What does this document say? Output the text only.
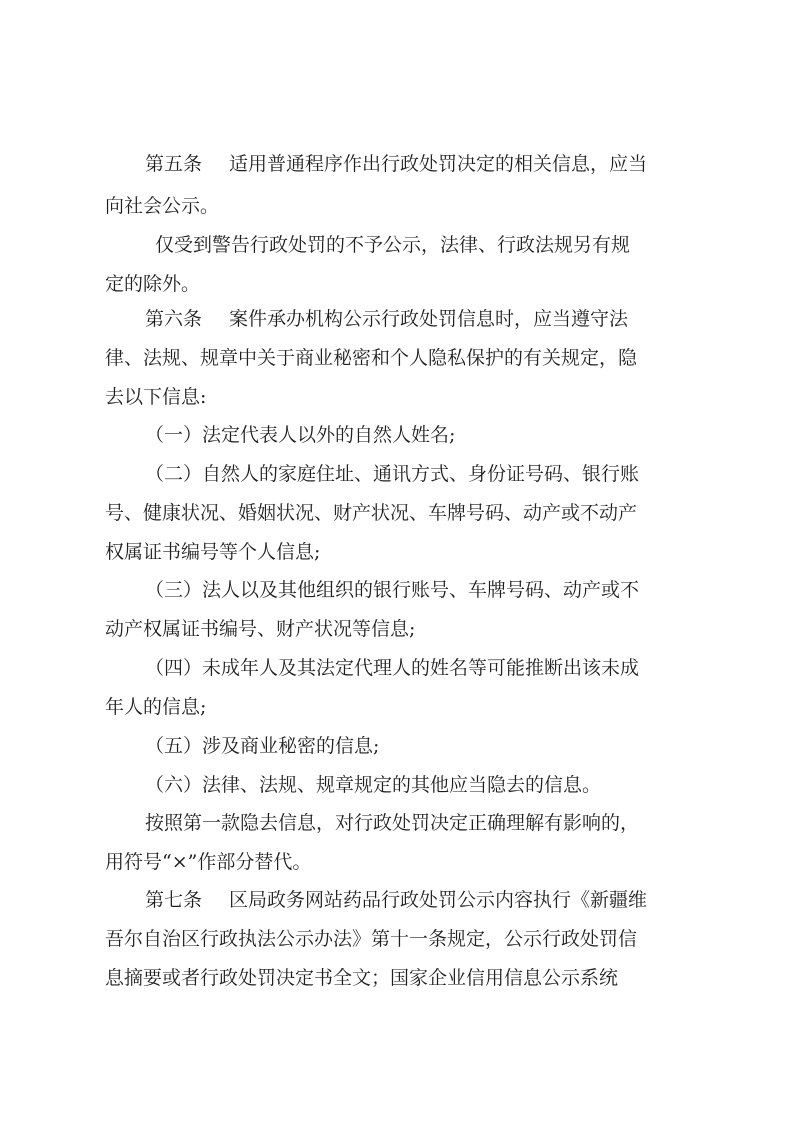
第五条 适用普通程序作出行政处罚决定的相关信息，应当

向社会公示。

仅受到警告行政处罚的不予公示，法律、行政法规另有规

定的除外。

第六条 案件承办机构公示行政处罚信息时，应当遵守法

律、法规、规章中关于商业秘密和个人隐私保护的有关规定，隐

去以下信息:

（一）法定代表人以外的自然人姓名;

（二）自然人的家庭住址、通讯方式、身份证号码、银行账

号、健康状况、婚姻状况、财产状况、车牌号码、动产或不动产

权属证书编号等个人信息;

（三）法人以及其他组织的银行账号、车牌号码、动产或不

动产权属证书编号、财产状况等信息;

（四）未成年人及其法定代理人的姓名等可能推断出该未成

年人的信息;

（五）涉及商业秘密的信息;

（六）法律、法规、规章规定的其他应当隐去的信息。

按照第一款隐去信息，对行政处罚决定正确理解有影响的，

用符号“×”作部分替代。

第七条 区局政务网站药品行政处罚公示内容执行《新疆维

吾尔自治区行政执法公示办法》第十一条规定，公示行政处罚信

息摘要或者行政处罚决定书全文；国家企业信用信息公示系统
